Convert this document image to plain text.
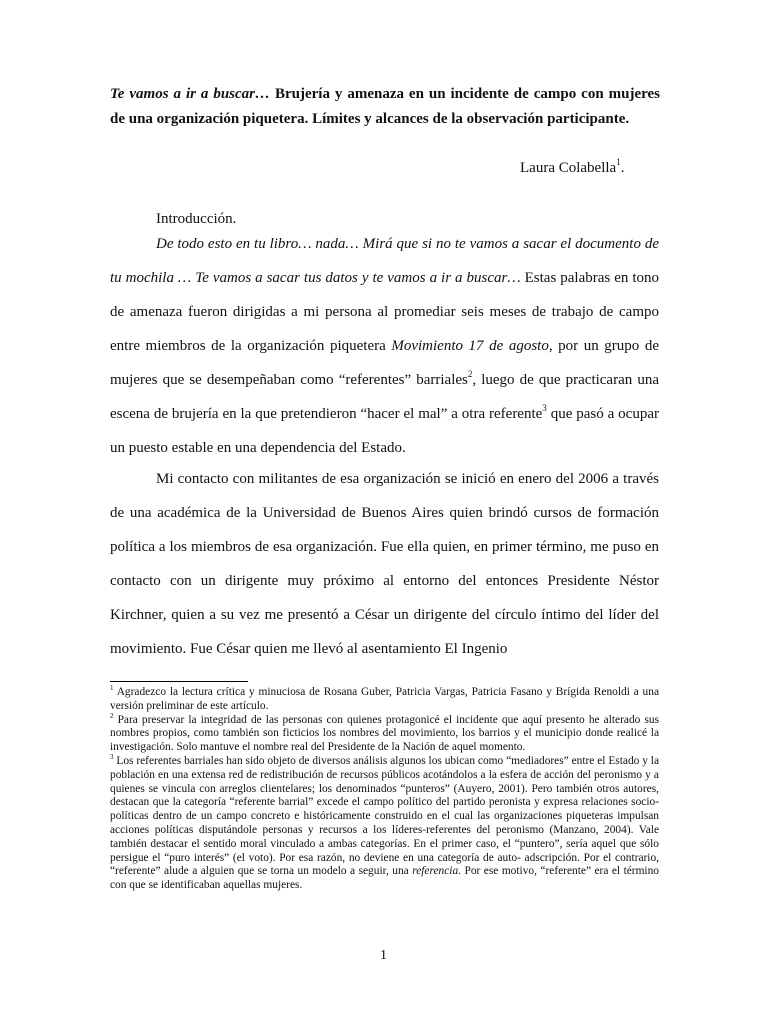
Te vamos a ir a buscar… Brujería y amenaza en un incidente de campo con mujeres de una organización piquetera. Límites y alcances de la observación participante.
Laura Colabella$^1$.
Introducción.

De todo esto en tu libro… nada… Mirá que si no te vamos a sacar el documento de tu mochila … Te vamos a sacar tus datos y te vamos a ir a buscar… Estas palabras en tono de amenaza fueron dirigidas a mi persona al promediar seis meses de trabajo de campo entre miembros de la organización piquetera Movimiento 17 de agosto, por un grupo de mujeres que se desempeñaban como “referentes” barriales$^2$, luego de que practicaran una escena de brujería en la que pretendieron “hacer el mal” a otra referente$^3$ que pasó a ocupar un puesto estable en una dependencia del Estado.

Mi contacto con militantes de esa organización se inició en enero del 2006 a través de una académica de la Universidad de Buenos Aires quien brindó cursos de formación política a los miembros de esa organización. Fue ella quien, en primer término, me puso en contacto con un dirigente muy próximo al entorno del entonces Presidente Néstor Kirchner, quien a su vez me presentó a César un dirigente del círculo íntimo del líder del movimiento. Fue César quien me llevó al asentamiento El Ingenio

$^1$ Agradezco la lectura crítica y minuciosa de Rosana Guber, Patricia Vargas, Patricia Fasano y Brígida Renoldi a una versión preliminar de este artículo.

$^2$ Para preservar la integridad de las personas con quienes protagonicé el incidente que aquí presento he alterado sus nombres propios, como también son ficticios los nombres del movimiento, los barrios y el municipio donde realicé la investigación. Solo mantuve el nombre real del Presidente de la Nación de aquel momento.

$^3$ Los referentes barriales han sido objeto de diversos análisis algunos los ubican como “mediadores” entre el Estado y la población en una extensa red de redistribución de recursos públicos acotándolos a la esfera de acción del peronismo y a quienes se vincula con arreglos clientelares; los denominados “punteros” (Auyero, 2001). Pero también otros autores, destacan que la categoría “referente barrial” excede el campo político del partido peronista y expresa relaciones socio-políticas dentro de un campo concreto e históricamente construido en el cual las organizaciones piqueteras impulsan acciones políticas disputándole personas y recursos a los líderes-referentes del peronismo (Manzano, 2004). Vale también destacar el sentido moral vinculado a ambas categorías. En el primer caso, el “puntero”, sería aquel que sólo persigue el “puro interés” (el voto). Por esa razón, no deviene en una categoría de auto- adscripción. Por el contrario, “referente” alude a alguien que se torna un modelo a seguir, una referencia. Por ese motivo, “referente” era el término con que se identificaban aquellas mujeres.

1
